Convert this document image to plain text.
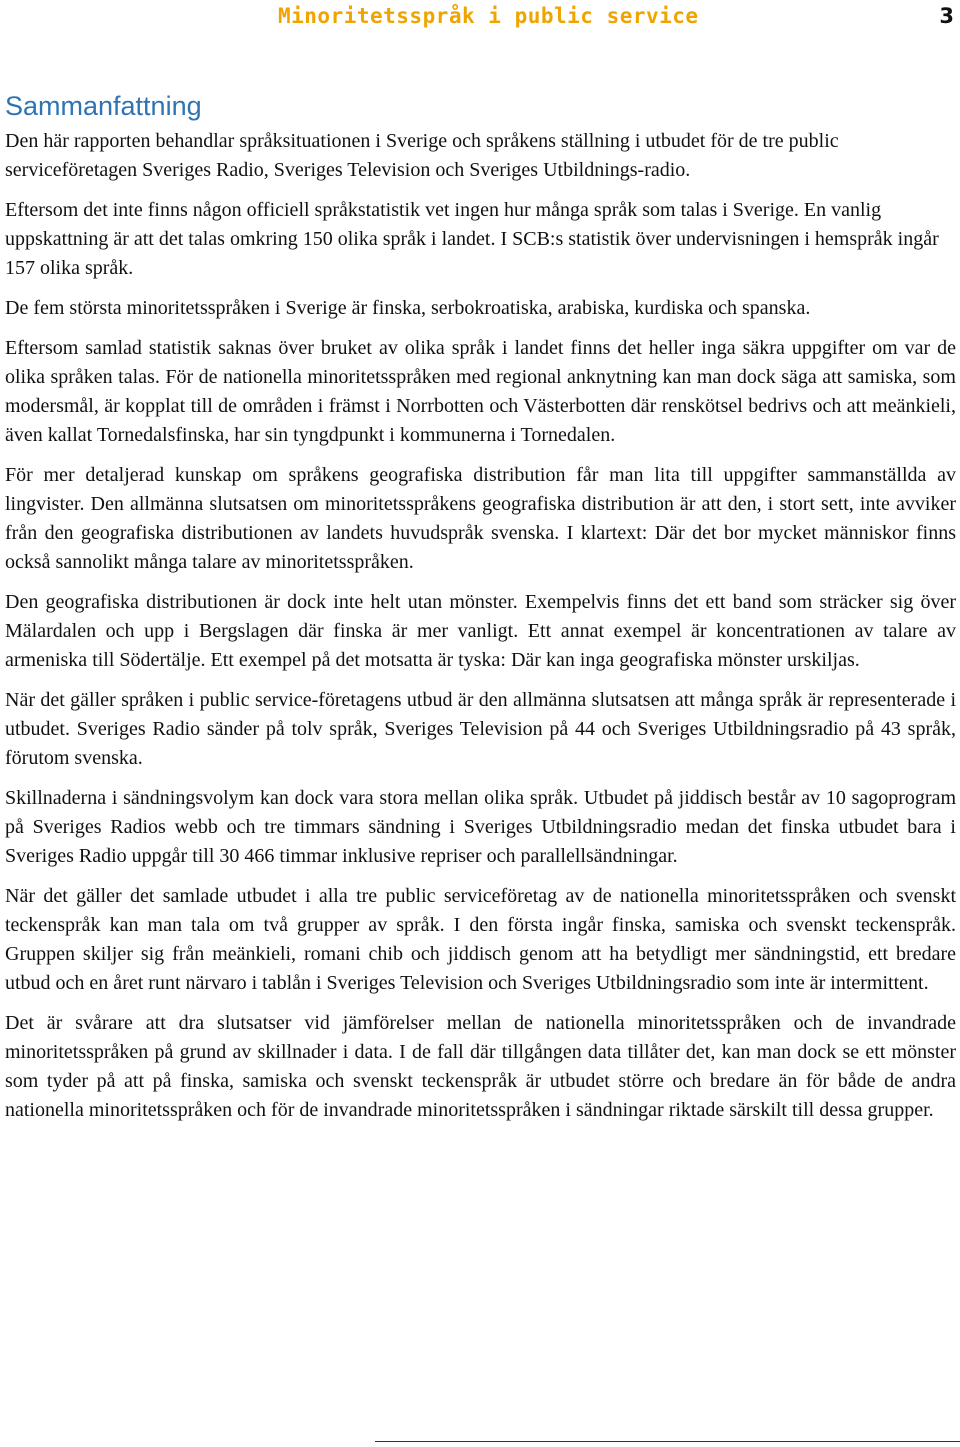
Minoritetsspråk i public service	3
Sammanfattning

Den här rapporten behandlar språksituationen i Sverige och språkens ställning i utbudet för de tre public serviceföretagen Sveriges Radio, Sveriges Television och Sveriges Utbildnings-radio.

Eftersom det inte finns någon officiell språkstatistik vet ingen hur många språk som talas i Sverige. En vanlig uppskattning är att det talas omkring 150 olika språk i landet. I SCB:s statistik över undervisningen i hemspråk ingår 157 olika språk.

De fem största minoritetsspråken i Sverige är finska, serbokroatiska, arabiska, kurdiska och spanska.

Eftersom samlad statistik saknas över bruket av olika språk i landet finns det heller inga säkra uppgifter om var de olika språken talas. För de nationella minoritetsspråken med regional anknytning kan man dock säga att samiska, som modersmål, är kopplat till de områden i främst i Norrbotten och Västerbotten där renskötsel bedrivs och att meänkieli, även kallat Tornedalsfinska, har sin tyngdpunkt i kommunerna i Tornedalen.

För mer detaljerad kunskap om språkens geografiska distribution får man lita till uppgifter sammanställda av lingvister. Den allmänna slutsatsen om minoritetsspråkens geografiska distribution är att den, i stort sett, inte avviker från den geografiska distributionen av landets huvudspråk svenska. I klartext: Där det bor mycket människor finns också sannolikt många talare av minoritetsspråken.

Den geografiska distributionen är dock inte helt utan mönster. Exempelvis finns det ett band som sträcker sig över Mälardalen och upp i Bergslagen där finska är mer vanligt. Ett annat exempel är koncentrationen av talare av armeniska till Södertälje. Ett exempel på det motsatta är tyska: Där kan inga geografiska mönster urskiljas.

När det gäller språken i public service-företagens utbud är den allmänna slutsatsen att många språk är representerade i utbudet. Sveriges Radio sänder på tolv språk, Sveriges Television på 44 och Sveriges Utbildningsradio på 43 språk, förutom svenska.

Skillnaderna i sändningsvolym kan dock vara stora mellan olika språk. Utbudet på jiddisch består av 10 sagoprogram på Sveriges Radios webb och tre timmars sändning i Sveriges Utbildningsradio medan det finska utbudet bara i Sveriges Radio uppgår till 30 466 timmar inklusive repriser och parallellsändningar.

När det gäller det samlade utbudet i alla tre public serviceföretag av de nationella minoritetsspråken och svenskt teckenspråk kan man tala om två grupper av språk. I den första ingår finska, samiska och svenskt teckenspråk. Gruppen skiljer sig från meänkieli, romani chib och jiddisch genom att ha betydligt mer sändningstid, ett bredare utbud och en året runt närvaro i tablån i Sveriges Television och Sveriges Utbildningsradio som inte är intermittent.

Det är svårare att dra slutsatser vid jämförelser mellan de nationella minoritetsspråken och de invandrade minoritetsspråken på grund av skillnader i data. I de fall där tillgången data tillåter det, kan man dock se ett mönster som tyder på att på finska, samiska och svenskt teckenspråk är utbudet större och bredare än för både de andra nationella minoritetsspråken och för de invandrade minoritetsspråken i sändningar riktade särskilt till dessa grupper.
